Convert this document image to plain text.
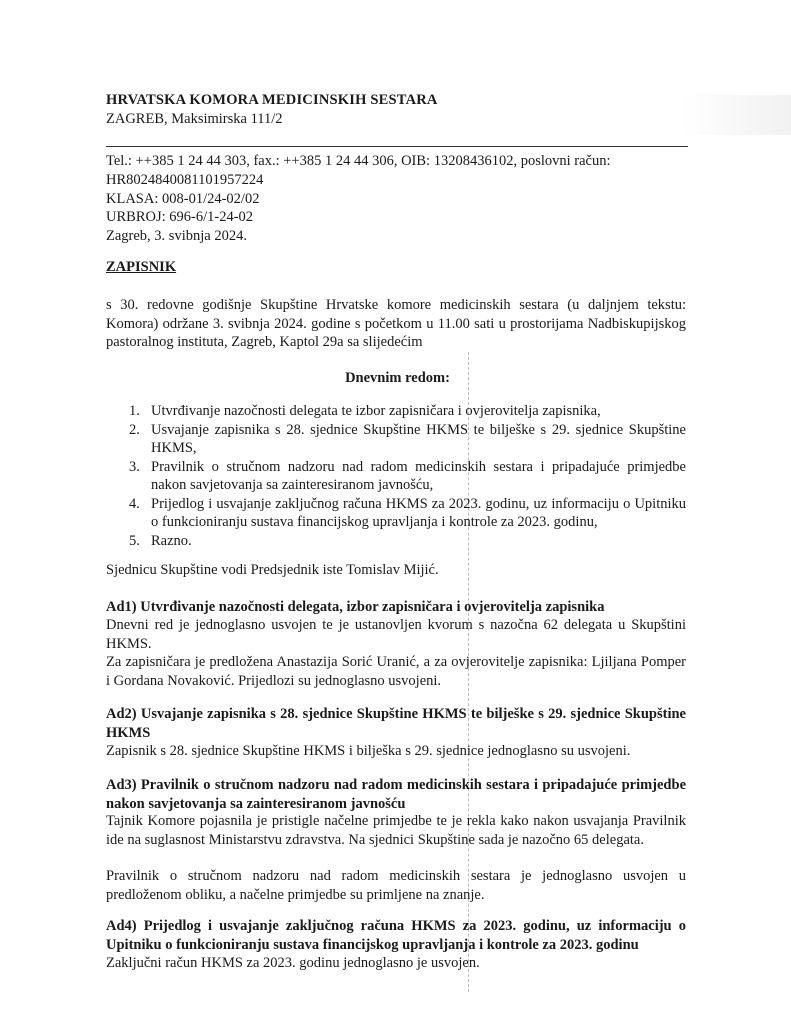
HRVATSKA KOMORA MEDICINSKIH SESTARA
ZAGREB, Maksimirska 111/2
Tel.: ++385 1 24 44 303, fax.: ++385 1 24 44 306, OIB: 13208436102, poslovni račun:
HR8024840081101957224
KLASA: 008-01/24-02/02
URBROJ: 696-6/1-24-02
Zagreb, 3. svibnja 2024.
ZAPISNIK
s 30. redovne godišnje Skupštine Hrvatske komore medicinskih sestara (u daljnjem tekstu: Komora) održane 3. svibnja 2024. godine s početkom u 11.00 sati u prostorijama Nadbiskupijskog pastoralnog instituta, Zagreb, Kaptol 29a sa slijedećim
Dnevnim redom:
1. Utvrđivanje nazočnosti delegata te izbor zapisničara i ovjerovitelja zapisnika,
2. Usvajanje zapisnika s 28. sjednice Skupštine HKMS te bilješke s 29. sjednice Skupštine HKMS,
3. Pravilnik o stručnom nadzoru nad radom medicinskih sestara i pripadajuće primjedbe nakon savjetovanja sa zainteresiranom javnošću,
4. Prijedlog i usvajanje zaključnog računa HKMS za 2023. godinu, uz informaciju o Upitniku o funkcioniranju sustava financijskog upravljanja i kontrole za 2023. godinu,
5. Razno.
Sjednicu Skupštine vodi Predsjednik iste Tomislav Mijić.
Ad1) Utvrđivanje nazočnosti delegata, izbor zapisničara i ovjerovitelja zapisnika
Dnevni red je jednoglasno usvojen te je ustanovljen kvorum s nazočna 62 delegata u Skupštini HKMS.
Za zapisničara je predložena Anastazija Sorić Uranić, a za ovjeroviteljе zapisnika: Ljiljana Pomper i Gordana Novaković. Prijedlozi su jednoglasno usvojeni.
Ad2) Usvajanje zapisnika s 28. sjednice Skupštine HKMS te bilješke s 29. sjednice Skupštine HKMS
Zapisnik s 28. sjednice Skupštine HKMS i bilješka s 29. sjednice jednoglasno su usvojeni.
Ad3) Pravilnik o stručnom nadzoru nad radom medicinskih sestara i pripadajuće primjedbe nakon savjetovanja sa zainteresiranom javnošću
Tajnik Komore pojasnila je pristigle načelne primjedbe te je rekla kako nakon usvajanja Pravilnik ide na suglasnost Ministarstvu zdravstva. Na sjednici Skupštine sada je nazočno 65 delegata.
Pravilnik o stručnom nadzoru nad radom medicinskih sestara je jednoglasno usvojen u predloženom obliku, a načelne primjedbe su primljene na znanje.
Ad4) Prijedlog i usvajanje zaključnog računa HKMS za 2023. godinu, uz informaciju o Upitniku o funkcioniranju sustava financijskog upravljanja i kontrole za 2023. godinu
Zaključni račun HKMS za 2023. godinu jednoglasno je usvojen.
